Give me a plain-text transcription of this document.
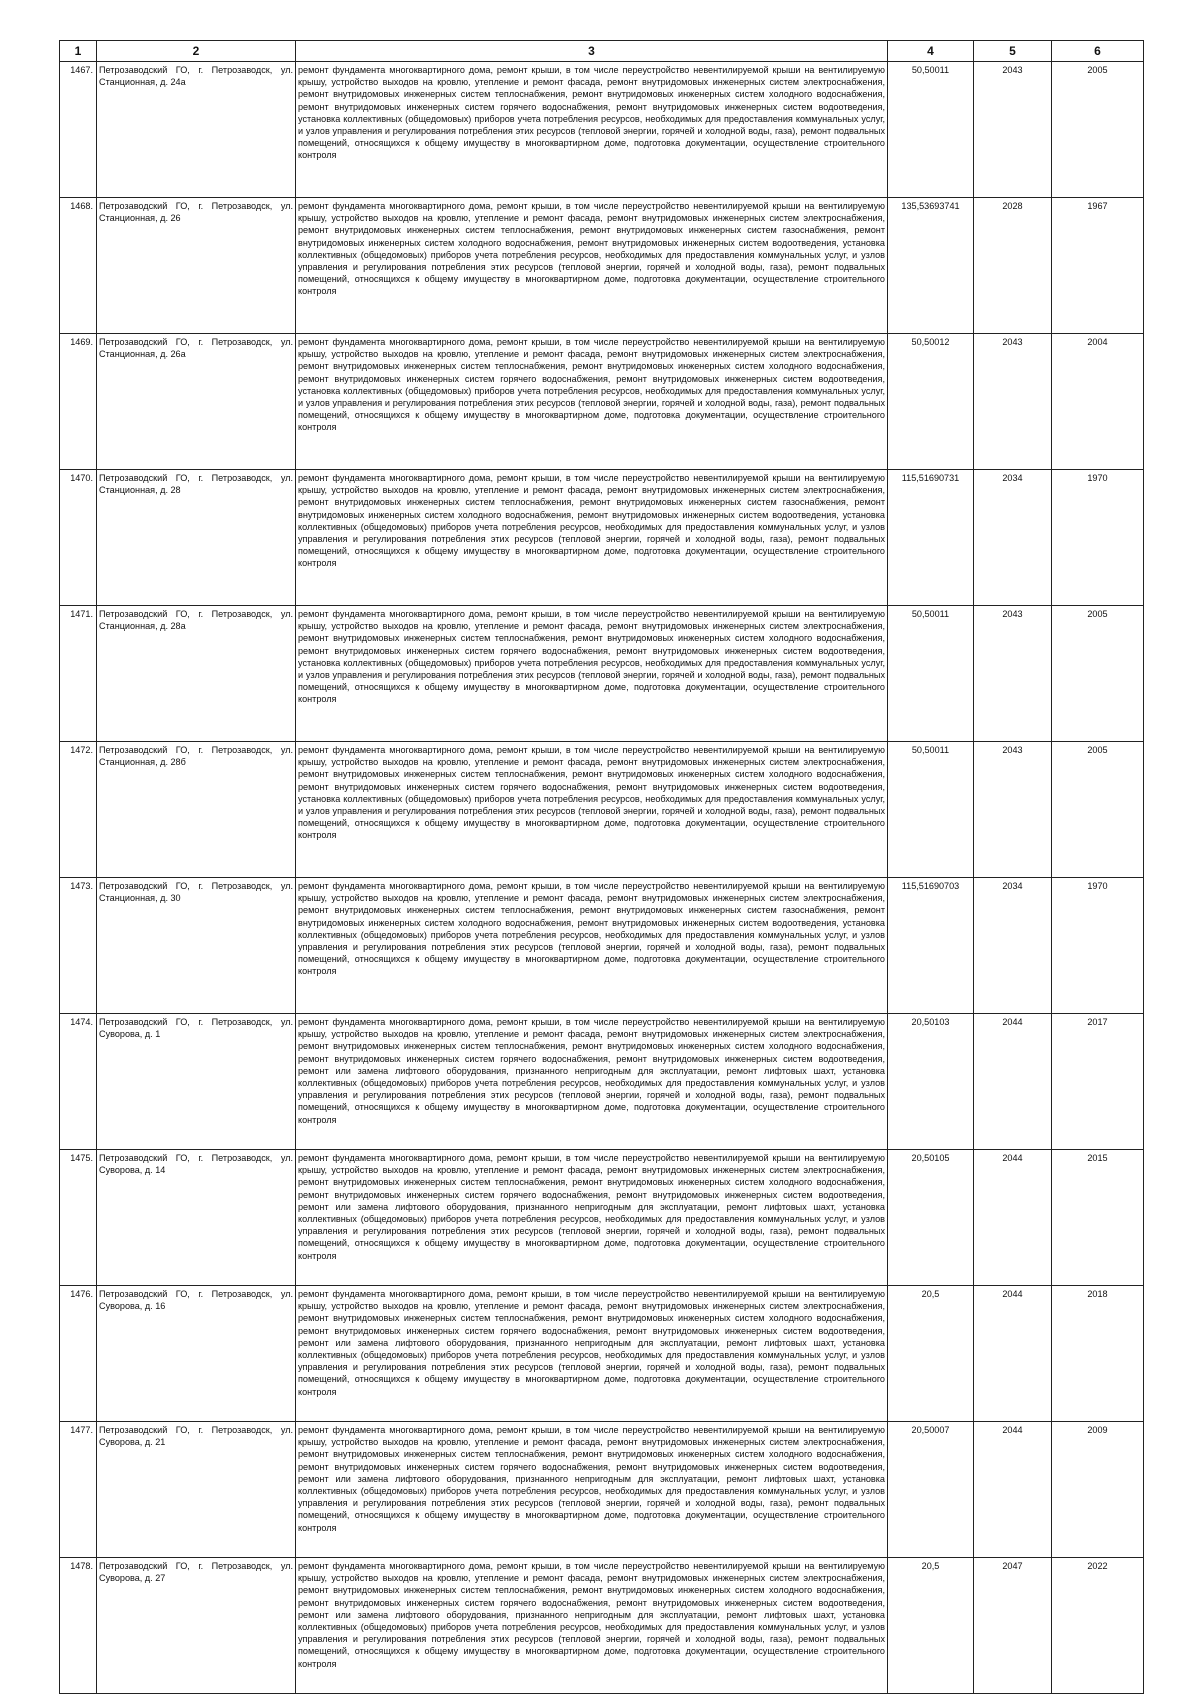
1	2	3	4	5	6
1467.	Петрозаводский ГО, г. Петрозаводск, ул. Станционная, д. 24а	ремонт фундамента многоквартирного дома, ремонт крыши, в том числе переустройство невентилируемой крыши на вентилируемую крышу, устройство выходов на кровлю, утепление и ремонт фасада, ремонт внутридомовых инженерных систем электроснабжения, ремонт внутридомовых инженерных систем теплоснабжения, ремонт внутридомовых инженерных систем холодного водоснабжения, ремонт внутридомовых инженерных систем горячего водоснабжения, ремонт внутридомовых инженерных систем водоотведения, установка коллективных (общедомовых) приборов учета потребления ресурсов, необходимых для предоставления коммунальных услуг, и узлов управления и регулирования потребления этих ресурсов (тепловой энергии, горячей и холодной воды, газа), ремонт подвальных помещений, относящихся к общему имуществу в многоквартирном доме, подготовка документации, осуществление строительного контроля	50,50011	2043	2005
1468.	Петрозаводский ГО, г. Петрозаводск, ул. Станционная, д. 26	ремонт фундамента многоквартирного дома, ремонт крыши, в том числе переустройство невентилируемой крыши на вентилируемую крышу, устройство выходов на кровлю, утепление и ремонт фасада, ремонт внутридомовых инженерных систем электроснабжения, ремонт внутридомовых инженерных систем теплоснабжения, ремонт внутридомовых инженерных систем газоснабжения, ремонт внутридомовых инженерных систем холодного водоснабжения, ремонт внутридомовых инженерных систем водоотведения, установка коллективных (общедомовых) приборов учета потребления ресурсов, необходимых для предоставления коммунальных услуг, и узлов управления и регулирования потребления этих ресурсов (тепловой энергии, горячей и холодной воды, газа), ремонт подвальных помещений, относящихся к общему имуществу в многоквартирном доме, подготовка документации, осуществление строительного контроля	135,53693741	2028	1967
1469.	Петрозаводский ГО, г. Петрозаводск, ул. Станционная, д. 26а	ремонт фундамента многоквартирного дома, ремонт крыши, в том числе переустройство невентилируемой крыши на вентилируемую крышу, устройство выходов на кровлю, утепление и ремонт фасада, ремонт внутридомовых инженерных систем электроснабжения, ремонт внутридомовых инженерных систем теплоснабжения, ремонт внутридомовых инженерных систем холодного водоснабжения, ремонт внутридомовых инженерных систем горячего водоснабжения, ремонт внутридомовых инженерных систем водоотведения, установка коллективных (общедомовых) приборов учета потребления ресурсов, необходимых для предоставления коммунальных услуг, и узлов управления и регулирования потребления этих ресурсов (тепловой энергии, горячей и холодной воды, газа), ремонт подвальных помещений, относящихся к общему имуществу в многоквартирном доме, подготовка документации, осуществление строительного контроля	50,50012	2043	2004
1470.	Петрозаводский ГО, г. Петрозаводск, ул. Станционная, д. 28	ремонт фундамента многоквартирного дома, ремонт крыши, в том числе переустройство невентилируемой крыши на вентилируемую крышу, устройство выходов на кровлю, утепление и ремонт фасада, ремонт внутридомовых инженерных систем электроснабжения, ремонт внутридомовых инженерных систем теплоснабжения, ремонт внутридомовых инженерных систем газоснабжения, ремонт внутридомовых инженерных систем холодного водоснабжения, ремонт внутридомовых инженерных систем водоотведения, установка коллективных (общедомовых) приборов учета потребления ресурсов, необходимых для предоставления коммунальных услуг, и узлов управления и регулирования потребления этих ресурсов (тепловой энергии, горячей и холодной воды, газа), ремонт подвальных помещений, относящихся к общему имуществу в многоквартирном доме, подготовка документации, осуществление строительного контроля	115,51690731	2034	1970
1471.	Петрозаводский ГО, г. Петрозаводск, ул. Станционная, д. 28а	ремонт фундамента многоквартирного дома, ремонт крыши, в том числе переустройство невентилируемой крыши на вентилируемую крышу, устройство выходов на кровлю, утепление и ремонт фасада, ремонт внутридомовых инженерных систем электроснабжения, ремонт внутридомовых инженерных систем теплоснабжения, ремонт внутридомовых инженерных систем холодного водоснабжения, ремонт внутридомовых инженерных систем горячего водоснабжения, ремонт внутридомовых инженерных систем водоотведения, установка коллективных (общедомовых) приборов учета потребления ресурсов, необходимых для предоставления коммунальных услуг, и узлов управления и регулирования потребления этих ресурсов (тепловой энергии, горячей и холодной воды, газа), ремонт подвальных помещений, относящихся к общему имуществу в многоквартирном доме, подготовка документации, осуществление строительного контроля	50,50011	2043	2005
1472.	Петрозаводский ГО, г. Петрозаводск, ул. Станционная, д. 28б	ремонт фундамента многоквартирного дома, ремонт крыши, в том числе переустройство невентилируемой крыши на вентилируемую крышу, устройство выходов на кровлю, утепление и ремонт фасада, ремонт внутридомовых инженерных систем электроснабжения, ремонт внутридомовых инженерных систем теплоснабжения, ремонт внутридомовых инженерных систем холодного водоснабжения, ремонт внутридомовых инженерных систем горячего водоснабжения, ремонт внутридомовых инженерных систем водоотведения, установка коллективных (общедомовых) приборов учета потребления ресурсов, необходимых для предоставления коммунальных услуг, и узлов управления и регулирования потребления этих ресурсов (тепловой энергии, горячей и холодной воды, газа), ремонт подвальных помещений, относящихся к общему имуществу в многоквартирном доме, подготовка документации, осуществление строительного контроля	50,50011	2043	2005
1473.	Петрозаводский ГО, г. Петрозаводск, ул. Станционная, д. 30	ремонт фундамента многоквартирного дома, ремонт крыши, в том числе переустройство невентилируемой крыши на вентилируемую крышу, устройство выходов на кровлю, утепление и ремонт фасада, ремонт внутридомовых инженерных систем электроснабжения, ремонт внутридомовых инженерных систем теплоснабжения, ремонт внутридомовых инженерных систем газоснабжения, ремонт внутридомовых инженерных систем холодного водоснабжения, ремонт внутридомовых инженерных систем водоотведения, установка коллективных (общедомовых) приборов учета потребления ресурсов, необходимых для предоставления коммунальных услуг, и узлов управления и регулирования потребления этих ресурсов (тепловой энергии, горячей и холодной воды, газа), ремонт подвальных помещений, относящихся к общему имуществу в многоквартирном доме, подготовка документации, осуществление строительного контроля	115,51690703	2034	1970
1474.	Петрозаводский ГО, г. Петрозаводск, ул. Суворова, д. 1	ремонт фундамента многоквартирного дома, ремонт крыши, в том числе переустройство невентилируемой крыши на вентилируемую крышу, устройство выходов на кровлю, утепление и ремонт фасада, ремонт внутридомовых инженерных систем электроснабжения, ремонт внутридомовых инженерных систем теплоснабжения, ремонт внутридомовых инженерных систем холодного водоснабжения, ремонт внутридомовых инженерных систем горячего водоснабжения, ремонт внутридомовых инженерных систем водоотведения, ремонт или замена лифтового оборудования, признанного непригодным для эксплуатации, ремонт лифтовых шахт, установка коллективных (общедомовых) приборов учета потребления ресурсов, необходимых для предоставления коммунальных услуг, и узлов управления и регулирования потребления этих ресурсов (тепловой энергии, горячей и холодной воды, газа), ремонт подвальных помещений, относящихся к общему имуществу в многоквартирном доме, подготовка документации, осуществление строительного контроля	20,50103	2044	2017
1475.	Петрозаводский ГО, г. Петрозаводск, ул. Суворова, д. 14	ремонт фундамента многоквартирного дома, ремонт крыши, в том числе переустройство невентилируемой крыши на вентилируемую крышу, устройство выходов на кровлю, утепление и ремонт фасада, ремонт внутридомовых инженерных систем электроснабжения, ремонт внутридомовых инженерных систем теплоснабжения, ремонт внутридомовых инженерных систем холодного водоснабжения, ремонт внутридомовых инженерных систем горячего водоснабжения, ремонт внутридомовых инженерных систем водоотведения, ремонт или замена лифтового оборудования, признанного непригодным для эксплуатации, ремонт лифтовых шахт, установка коллективных (общедомовых) приборов учета потребления ресурсов, необходимых для предоставления коммунальных услуг, и узлов управления и регулирования потребления этих ресурсов (тепловой энергии, горячей и холодной воды, газа), ремонт подвальных помещений, относящихся к общему имуществу в многоквартирном доме, подготовка документации, осуществление строительного контроля	20,50105	2044	2015
1476.	Петрозаводский ГО, г. Петрозаводск, ул. Суворова, д. 16	ремонт фундамента многоквартирного дома, ремонт крыши, в том числе переустройство невентилируемой крыши на вентилируемую крышу, устройство выходов на кровлю, утепление и ремонт фасада, ремонт внутридомовых инженерных систем электроснабжения, ремонт внутридомовых инженерных систем теплоснабжения, ремонт внутридомовых инженерных систем холодного водоснабжения, ремонт внутридомовых инженерных систем горячего водоснабжения, ремонт внутридомовых инженерных систем водоотведения, ремонт или замена лифтового оборудования, признанного непригодным для эксплуатации, ремонт лифтовых шахт, установка коллективных (общедомовых) приборов учета потребления ресурсов, необходимых для предоставления коммунальных услуг, и узлов управления и регулирования потребления этих ресурсов (тепловой энергии, горячей и холодной воды, газа), ремонт подвальных помещений, относящихся к общему имуществу в многоквартирном доме, подготовка документации, осуществление строительного контроля	20,5	2044	2018
1477.	Петрозаводский ГО, г. Петрозаводск, ул. Суворова, д. 21	ремонт фундамента многоквартирного дома, ремонт крыши, в том числе переустройство невентилируемой крыши на вентилируемую крышу, устройство выходов на кровлю, утепление и ремонт фасада, ремонт внутридомовых инженерных систем электроснабжения, ремонт внутридомовых инженерных систем теплоснабжения, ремонт внутридомовых инженерных систем холодного водоснабжения, ремонт внутридомовых инженерных систем горячего водоснабжения, ремонт внутридомовых инженерных систем водоотведения, ремонт или замена лифтового оборудования, признанного непригодным для эксплуатации, ремонт лифтовых шахт, установка коллективных (общедомовых) приборов учета потребления ресурсов, необходимых для предоставления коммунальных услуг, и узлов управления и регулирования потребления этих ресурсов (тепловой энергии, горячей и холодной воды, газа), ремонт подвальных помещений, относящихся к общему имуществу в многоквартирном доме, подготовка документации, осуществление строительного контроля	20,50007	2044	2009
1478.	Петрозаводский ГО, г. Петрозаводск, ул. Суворова, д. 27	ремонт фундамента многоквартирного дома, ремонт крыши, в том числе переустройство невентилируемой крыши на вентилируемую крышу, устройство выходов на кровлю, утепление и ремонт фасада, ремонт внутридомовых инженерных систем электроснабжения, ремонт внутридомовых инженерных систем теплоснабжения, ремонт внутридомовых инженерных систем холодного водоснабжения, ремонт внутридомовых инженерных систем горячего водоснабжения, ремонт внутридомовых инженерных систем водоотведения, ремонт или замена лифтового оборудования, признанного непригодным для эксплуатации, ремонт лифтовых шахт, установка коллективных (общедомовых) приборов учета потребления ресурсов, необходимых для предоставления коммунальных услуг, и узлов управления и регулирования потребления этих ресурсов (тепловой энергии, горячей и холодной воды, газа), ремонт подвальных помещений, относящихся к общему имуществу в многоквартирном доме, подготовка документации, осуществление строительного контроля	20,5	2047	2022
